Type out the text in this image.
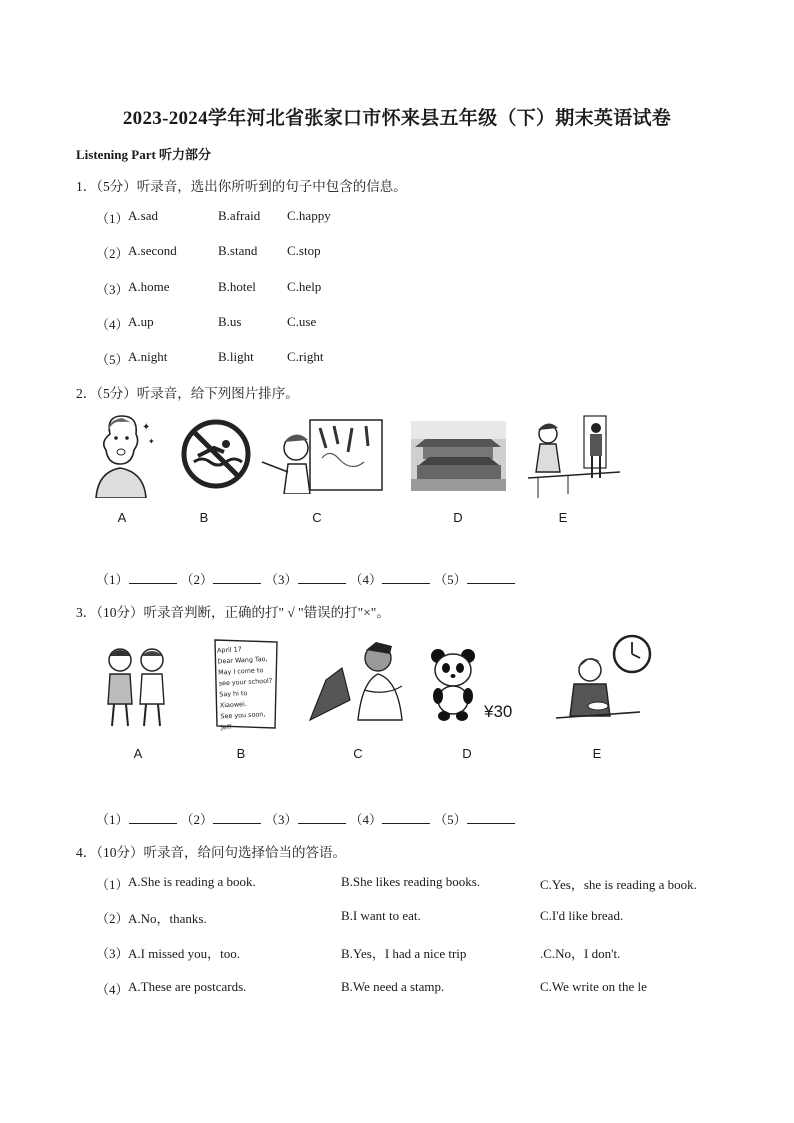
2023-2024学年河北省张家口市怀来县五年级（下）期末英语试卷
Listening Part 听力部分
1．（5分）听录音，选出你所听到的句子中包含的信息。
（1） A.sad	B.afraid C.happy
（2） A.second	B.stand C.stop
（3） A.home	B.hotel C.help
（4） A.up	B.us	C.use
（5） A.night	B.light	C.right
2．（5分）听录音，给下列图片排序。
✦
✦
A	B	C	D	E
（1）	（2）	（3）	（4）	（5）
3．（10分）听录音判断，正确的打" √ "错误的打"×"。
April 17
Dear Wang Tao,
May I come to
see your school?
Say hi to Xiaowei.
See you soon,
Jeff
¥30
A	B	C	D	E
（1）	（2）	（3）	（4）	（5）
4．（10分）听录音，给问句选择恰当的答语。
（1） A.She is reading a book.	B.She likes reading books.	C.Yes，she is reading a book.
（2） A.No，thanks.	B.I want to eat.	C.I'd like bread.
（3） A.I missed you，too.	B.Yes，I had a nice trip	.C.No，I don't.
（4） A.These are postcards.	B.We need a stamp.	C.We write on the le
